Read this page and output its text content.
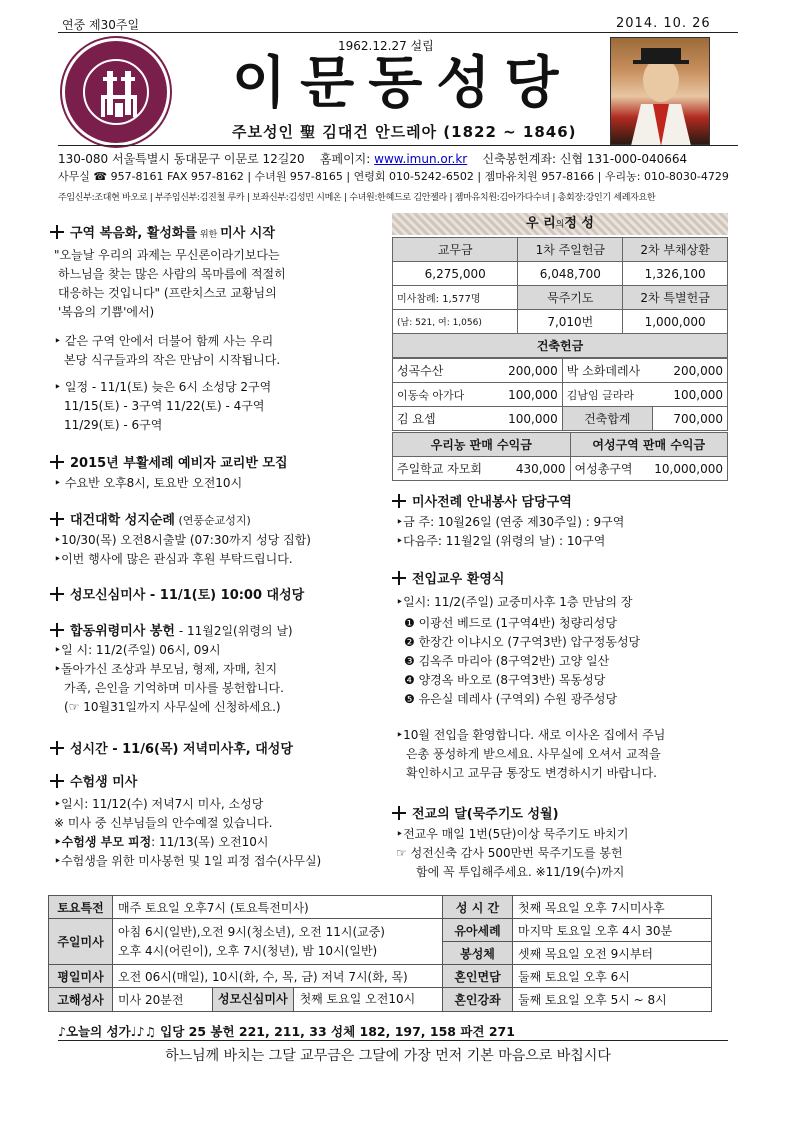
연중 제30주일	2014. 10. 26
1962.12.27 설립
이문동성당
주보성인 聖 김대건 안드레아 (1822 ~ 1846)
130-080 서울특별시 동대문구 이문로 12길20 홈페이지: www.imun.or.kr 신축봉헌계좌: 신협 131-000-040664
사무실 ☎ 957-8161 FAX 957-8162 | 수녀원 957-8165 | 연령회 010-5242-6502 | 젬마유치원 957-8166 | 우리농: 010-8030-4729
주임신부:조대현 바오로 | 부주임신부:김진철 루카 | 보좌신부:김성민 시메온 | 수녀원:한혜드로 김안젤라 | 젬마유치원:김아가다수녀 | 총회장:강인기 세례자요한
구역 복음화, 활성화를 위한 미사 시작
"오늘날 우리의 과제는 무신론이라기보다는
하느님을 찾는 많은 사람의 목마름에 적절히
대응하는 것입니다" (프란치스코 교황님의
'복음의 기쁨'에서)
‣ 같은 구역 안에서 더불어 함께 사는 우리
본당 식구들과의 작은 만남이 시작됩니다.
‣ 일정 - 11/1(토) 늦은 6시 소성당 2구역
11/15(토) - 3구역 11/22(토) - 4구역
11/29(토) - 6구역
2015년 부활세례 예비자 교리반 모집
‣ 수요반 오후8시, 토요반 오전10시
대건대학 성지순례 (연풍순교성지)
‣10/30(목) 오전8시출발 (07:30까지 성당 집합)
‣이번 행사에 많은 관심과 후원 부탁드립니다.
성모신심미사 - 11/1(토) 10:00 대성당
합동위령미사 봉헌 - 11월2일(위령의 날)
‣일 시: 11/2(주일) 06시, 09시
‣돌아가신 조상과 부모님, 형제, 자매, 친지
가족, 은인을 기억하며 미사를 봉헌합니다.
(☞ 10월31일까지 사무실에 신청하세요.)
성시간 - 11/6(목) 저녁미사후, 대성당
수험생 미사
‣일시: 11/12(수) 저녁7시 미사, 소성당
※ 미사 중 신부님들의 안수예절 있습니다.
‣수험생 부모 피정: 11/13(목) 오전10시
‣수험생을 위한 미사봉헌 및 1일 피정 접수(사무실)
우 리의정 성
교무금	1차 주일헌금	2차 부채상환
6,275,000	6,048,700	1,326,100
미사참례: 1,577명	묵주기도	2차 특별헌금
(남: 521, 여: 1,056)	7,010번	1,000,000
건축헌금		
성곡수산	200,000	박 소화데레사	200,000
이동숙 아가다	100,000	김남임 글라라	100,000
김 요셉	100,000	건축합계	700,000
우리농 판매 수익금		여성구역 판매 수익금	
주일학교 자모회	430,000	여성총구역	10,000,000
미사전례 안내봉사 담당구역
‣금 주: 10월26일 (연중 제30주일) : 9구역
‣다음주: 11월2일 (위령의 날) : 10구역
전입교우 환영식
‣일시: 11/2(주일) 교중미사후 1층 만남의 장
❶ 이광선 베드로 (1구역4반) 청량리성당
❷ 한장간 이냐시오 (7구역3반) 압구정동성당
❸ 김옥주 마리아 (8구역2반) 고양 일산
❹ 양경옥 바오로 (8구역3반) 목동성당
❺ 유은실 데레사 (구역외) 수원 광주성당
‣10월 전입을 환영합니다. 새로 이사온 집에서 주님
은총 풍성하게 받으세요. 사무실에 오셔서 교적을
확인하시고 교무금 통장도 변경하시기 바랍니다.
전교의 달(묵주기도 성월)
‣전교우 매일 1번(5단)이상 묵주기도 바치기
☞ 성전신축 감사 500만번 묵주기도를 봉헌
함에 꼭 투입해주세요. ※11/19(수)까지
토요특전	매주 토요일 오후7시 (토요특전미사)		성 시 간	첫째 목요일 오후 7시미사후
주일미사	아침 6시(일반),오전 9시(청소년), 오전 11시(교중)
오후 4시(어린이), 오후 7시(청년), 밤 10시(일반)		유아세례	마지막 토요일 오후 4시 30분
			봉성체	셋째 목요일 오전 9시부터
평일미사	오전 06시(매일), 10시(화, 수, 목, 금) 저녁 7시(화, 목)		혼인면담	둘째 토요일 오후 6시
고해성사	미사 20분전	성모신심미사 첫째 토요일 오전10시	혼인강좌	둘째 토요일 오후 5시 ~ 8시
♪오늘의 성가♩♪♫ 입당 25 봉헌 221, 211, 33 성체 182, 197, 158 파견 271
하느님께 바치는 그달 교무금은 그달에 가장 먼저 기본 마음으로 바칩시다
